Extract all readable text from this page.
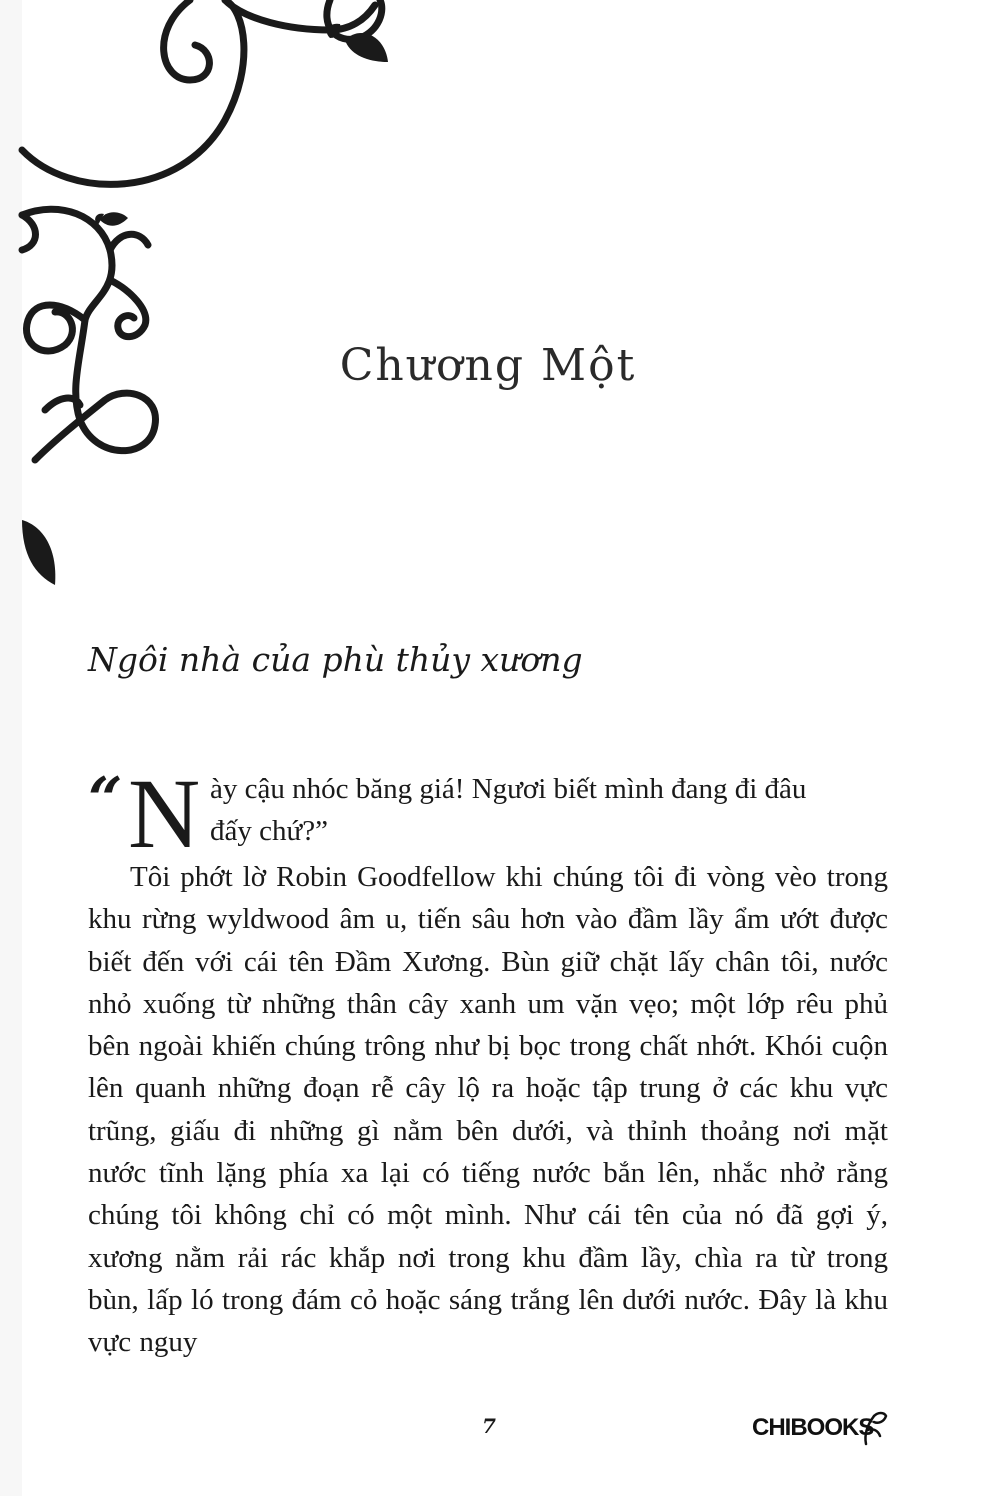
Chương Một
Ngôi nhà của phù thủy xương
“ N ày cậu nhóc băng giá! Ngươi biết mình đang đi đâu
đấy chứ?”

Tôi phớt lờ Robin Goodfellow khi chúng tôi đi vòng vèo trong khu rừng wyldwood âm u, tiến sâu hơn vào đầm lầy ẩm ướt được biết đến với cái tên Đầm Xương. Bùn giữ chặt lấy chân tôi, nước nhỏ xuống từ những thân cây xanh um vặn vẹo; một lớp rêu phủ bên ngoài khiến chúng trông như bị bọc trong chất nhớt. Khói cuộn lên quanh những đoạn rễ cây lộ ra hoặc tập trung ở các khu vực trũng, giấu đi những gì nằm bên dưới, và thỉnh thoảng nơi mặt nước tĩnh lặng phía xa lại có tiếng nước bắn lên, nhắc nhở rằng chúng tôi không chỉ có một mình. Như cái tên của nó đã gợi ý, xương nằm rải rác khắp nơi trong khu đầm lầy, chìa ra từ trong bùn, lấp ló trong đám cỏ hoặc sáng trắng lên dưới nước. Đây là khu vực nguy

7	CHIBOOKS
